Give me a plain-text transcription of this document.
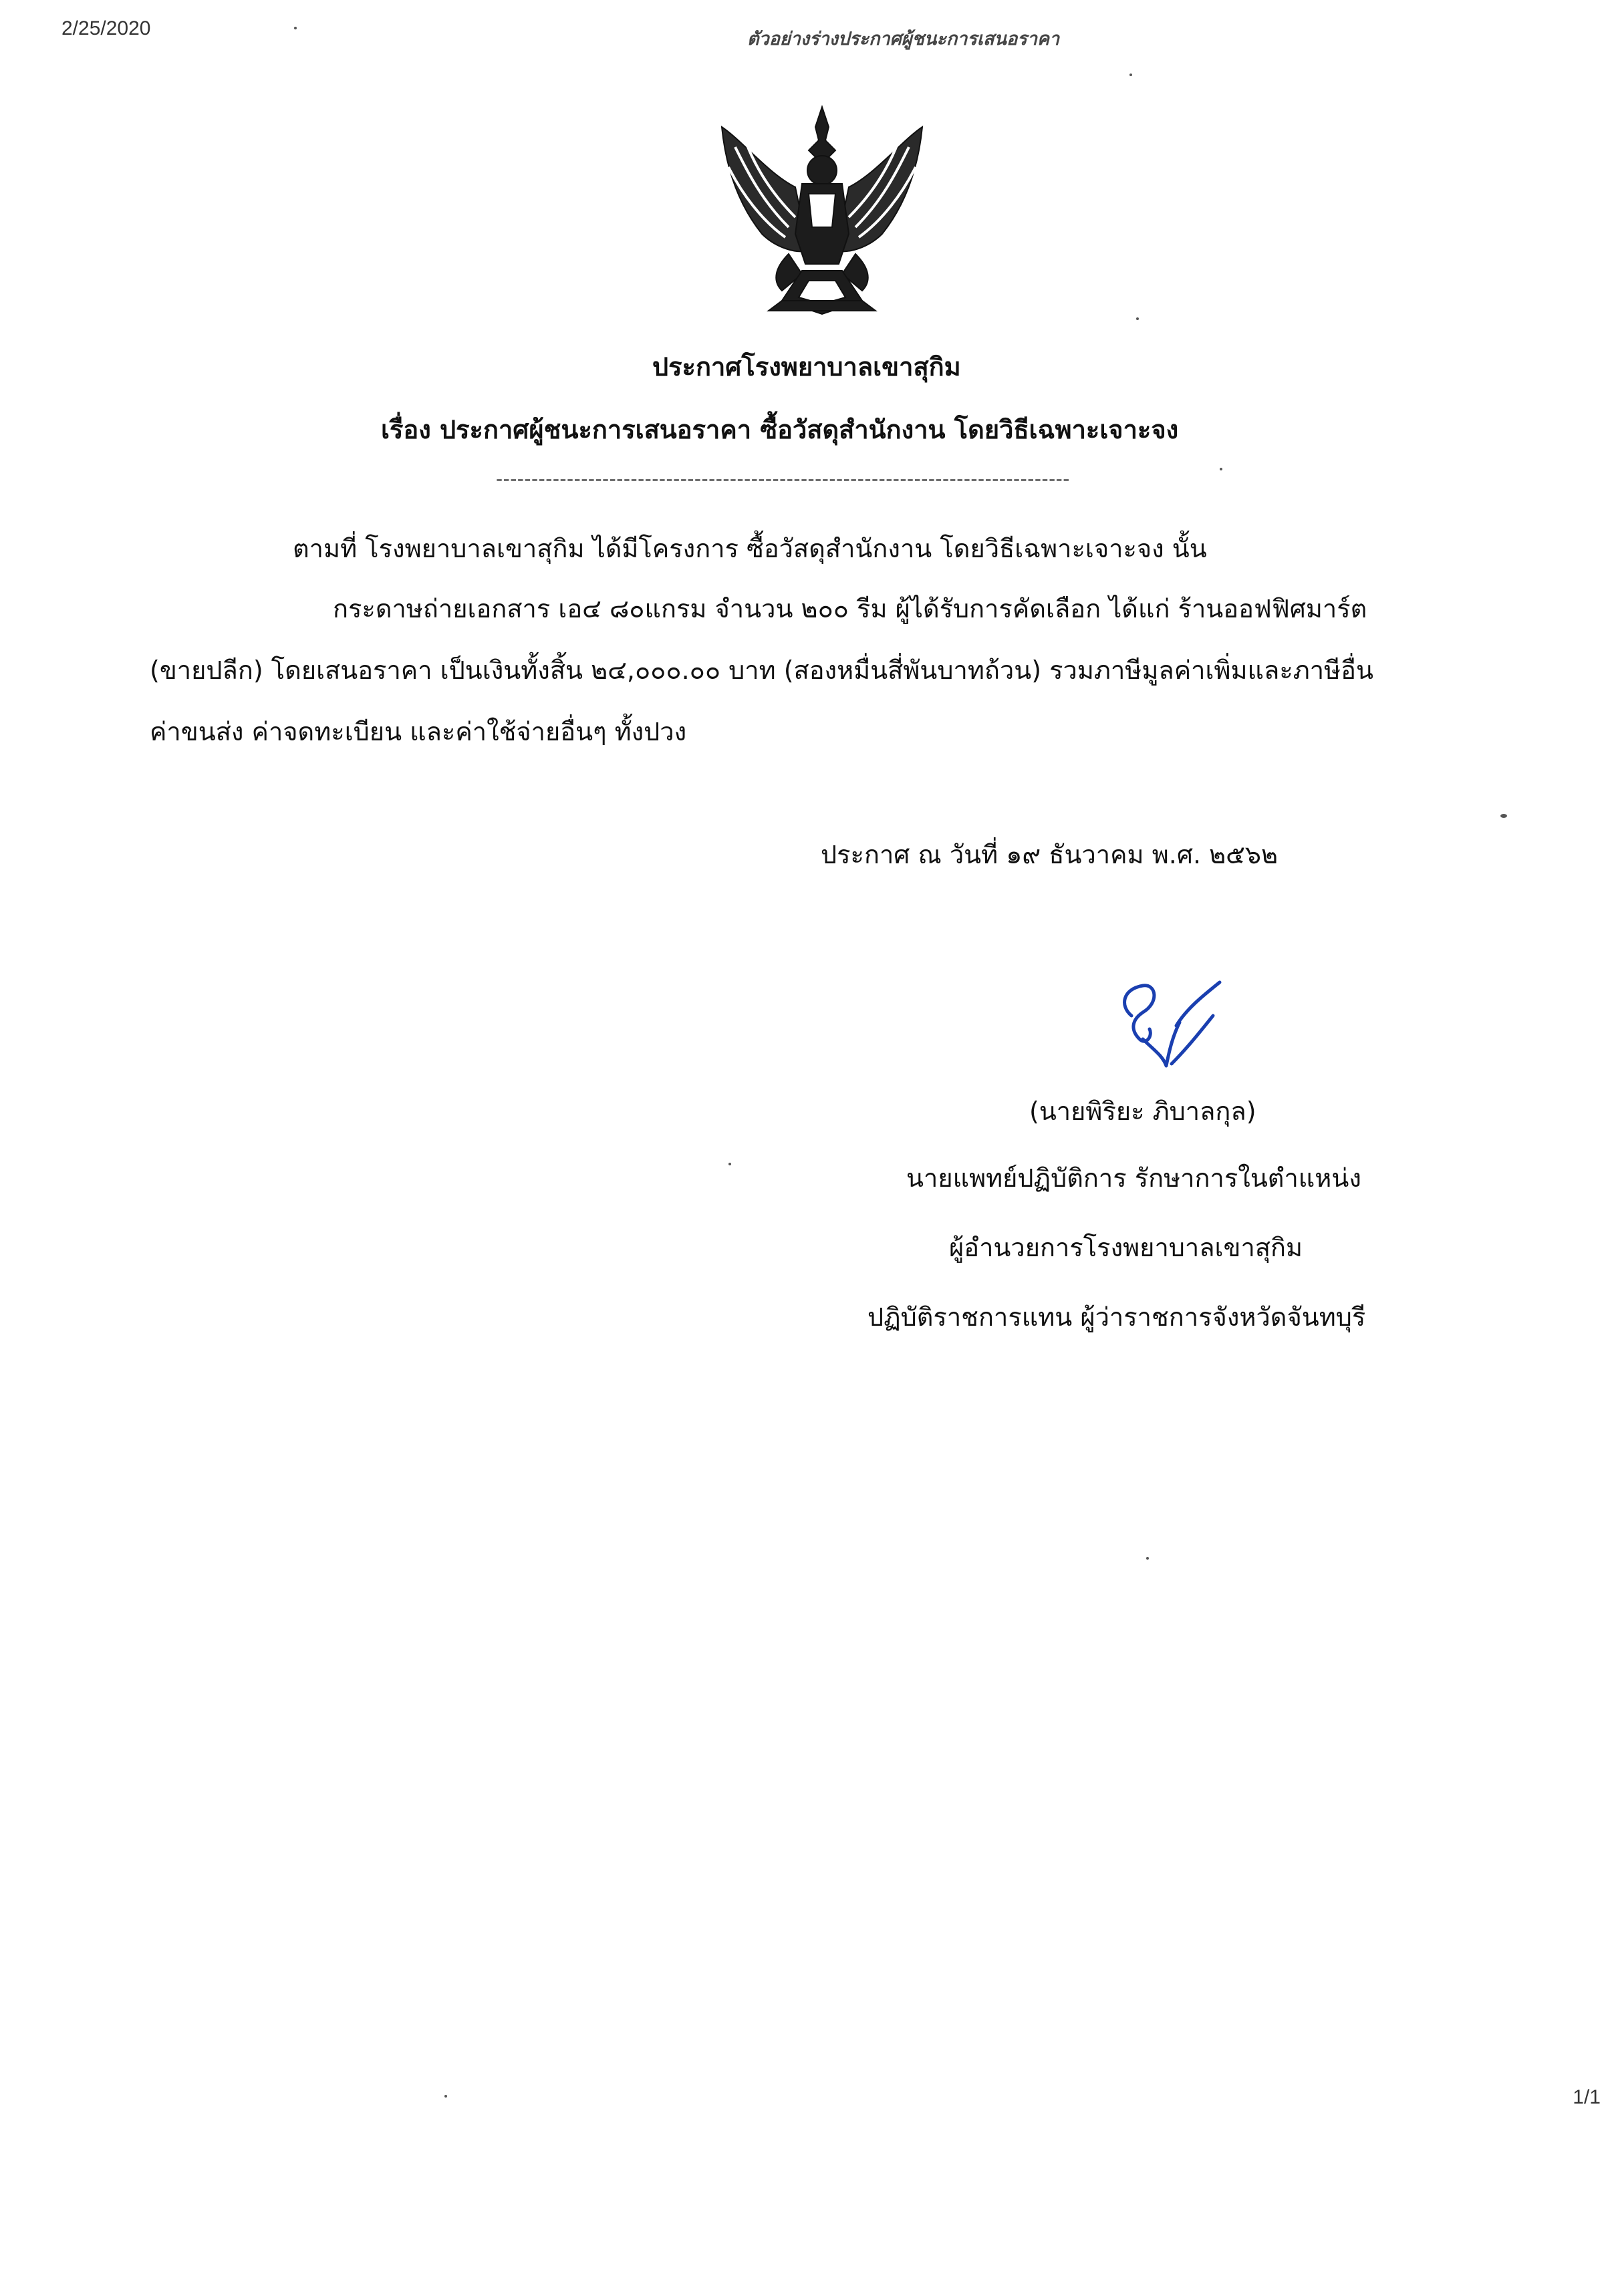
2/25/2020	ตัวอย่างร่างประกาศผู้ชนะการเสนอราคา
ประกาศโรงพยาบาลเขาสุกิม
เรื่อง ประกาศผู้ชนะการเสนอราคา ซื้อวัสดุสำนักงาน โดยวิธีเฉพาะเจาะจง
---------------------------------------------------------------------------------
ตามที่ โรงพยาบาลเขาสุกิม ได้มีโครงการ ซื้อวัสดุสำนักงาน โดยวิธีเฉพาะเจาะจง นั้น
กระดาษถ่ายเอกสาร เอ๔ ๘๐แกรม จำนวน ๒๐๐ รีม ผู้ได้รับการคัดเลือก ได้แก่ ร้านออฟฟิศมาร์ต
(ขายปลีก) โดยเสนอราคา เป็นเงินทั้งสิ้น ๒๔,๐๐๐.๐๐ บาท (สองหมื่นสี่พันบาทถ้วน) รวมภาษีมูลค่าเพิ่มและภาษีอื่น
ค่าขนส่ง ค่าจดทะเบียน และค่าใช้จ่ายอื่นๆ ทั้งปวง
ประกาศ ณ วันที่ ๑๙ ธันวาคม พ.ศ. ๒๕๖๒
(นายพิริยะ ภิบาลกุล)
นายแพทย์ปฏิบัติการ รักษาการในตำแหน่ง
ผู้อำนวยการโรงพยาบาลเขาสุกิม
ปฏิบัติราชการแทน ผู้ว่าราชการจังหวัดจันทบุรี
1/1
